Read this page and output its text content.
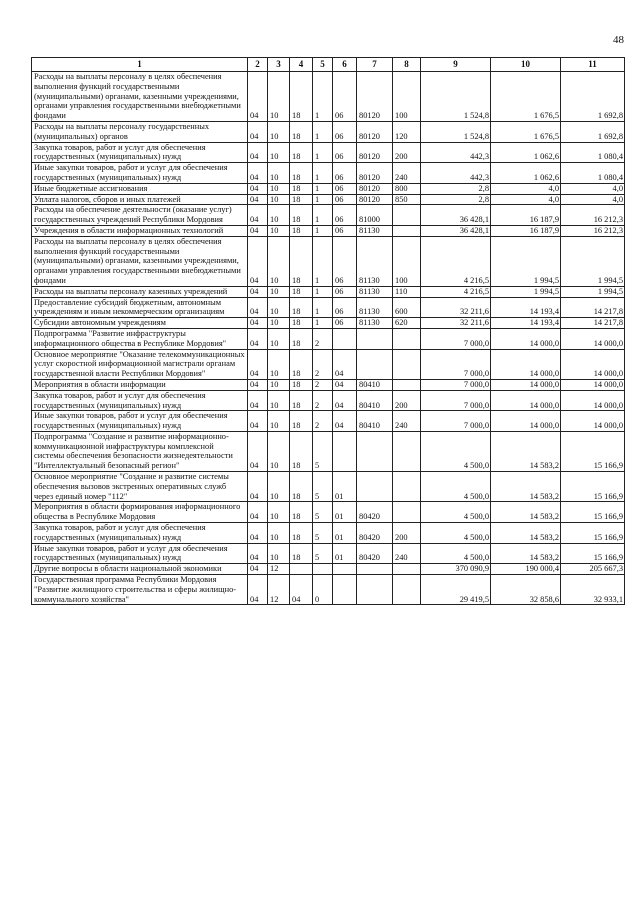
48
1	2	3	4	5	6	7	8	9	10	11
Расходы на выплаты персоналу в целях обеспечения выполнения функций государственными (муниципальными) органами, казенными учреждениями, органами управления государственными внебюджетными фондами	04	10	18	1	06	80120	100	1 524,8	1 676,5	1 692,8
Расходы на выплаты персоналу государственных (муниципальных) органов	04	10	18	1	06	80120	120	1 524,8	1 676,5	1 692,8
Закупка товаров, работ и услуг для обеспечения государственных (муниципальных) нужд	04	10	18	1	06	80120	200	442,3	1 062,6	1 080,4
Иные закупки товаров, работ и услуг для обеспечения государственных (муниципальных) нужд	04	10	18	1	06	80120	240	442,3	1 062,6	1 080,4
Иные бюджетные ассигнования	04	10	18	1	06	80120	800	2,8	4,0	4,0
Уплата налогов, сборов и иных платежей	04	10	18	1	06	80120	850	2,8	4,0	4,0
Расходы на обеспечение деятельности (оказание услуг) государственных учреждений Республики Мордовия	04	10	18	1	06	81000		36 428,1	16 187,9	16 212,3
Учреждения в области информационных технологий	04	10	18	1	06	81130		36 428,1	16 187,9	16 212,3
Расходы на выплаты персоналу в целях обеспечения выполнения функций государственными (муниципальными) органами, казенными учреждениями, органами управления государственными внебюджетными фондами	04	10	18	1	06	81130	100	4 216,5	1 994,5	1 994,5
Расходы на выплаты персоналу казенных учреждений	04	10	18	1	06	81130	110	4 216,5	1 994,5	1 994,5
Предоставление субсидий бюджетным, автономным учреждениям и иным некоммерческим организациям	04	10	18	1	06	81130	600	32 211,6	14 193,4	14 217,8
Субсидии автономным учреждениям	04	10	18	1	06	81130	620	32 211,6	14 193,4	14 217,8
Подпрограмма "Развитие инфраструктуры информационного общества в Республике Мордовия"	04	10	18	2				7 000,0	14 000,0	14 000,0
Основное мероприятие "Оказание телекоммуникационных услуг скоростной информационной магистрали органам государственной власти Республики Мордовия"	04	10	18	2	04			7 000,0	14 000,0	14 000,0
Мероприятия в области информации	04	10	18	2	04	80410		7 000,0	14 000,0	14 000,0
Закупка товаров, работ и услуг для обеспечения государственных (муниципальных) нужд	04	10	18	2	04	80410	200	7 000,0	14 000,0	14 000,0
Иные закупки товаров, работ и услуг для обеспечения государственных (муниципальных) нужд	04	10	18	2	04	80410	240	7 000,0	14 000,0	14 000,0
Подпрограмма "Создание и развитие информационно-коммуникационной инфраструктуры комплексной системы обеспечения безопасности жизнедеятельности "Интеллектуальный безопасный регион"	04	10	18	5				4 500,0	14 583,2	15 166,9
Основное мероприятие "Создание и развитие системы обеспечения вызовов экстренных оперативных служб через единый номер "112"	04	10	18	5	01			4 500,0	14 583,2	15 166,9
Мероприятия в области формирования информационного общества в Республике Мордовия	04	10	18	5	01	80420		4 500,0	14 583,2	15 166,9
Закупка товаров, работ и услуг для обеспечения государственных (муниципальных) нужд	04	10	18	5	01	80420	200	4 500,0	14 583,2	15 166,9
Иные закупки товаров, работ и услуг для обеспечения государственных (муниципальных) нужд	04	10	18	5	01	80420	240	4 500,0	14 583,2	15 166,9
Другие вопросы в области национальной экономики	04	12						370 090,9	190 000,4	205 667,3
Государственная программа Республики Мордовия "Развитие жилищного строительства и сферы жилищно-коммунального хозяйства"	04	12	04	0				29 419,5	32 858,6	32 933,1
